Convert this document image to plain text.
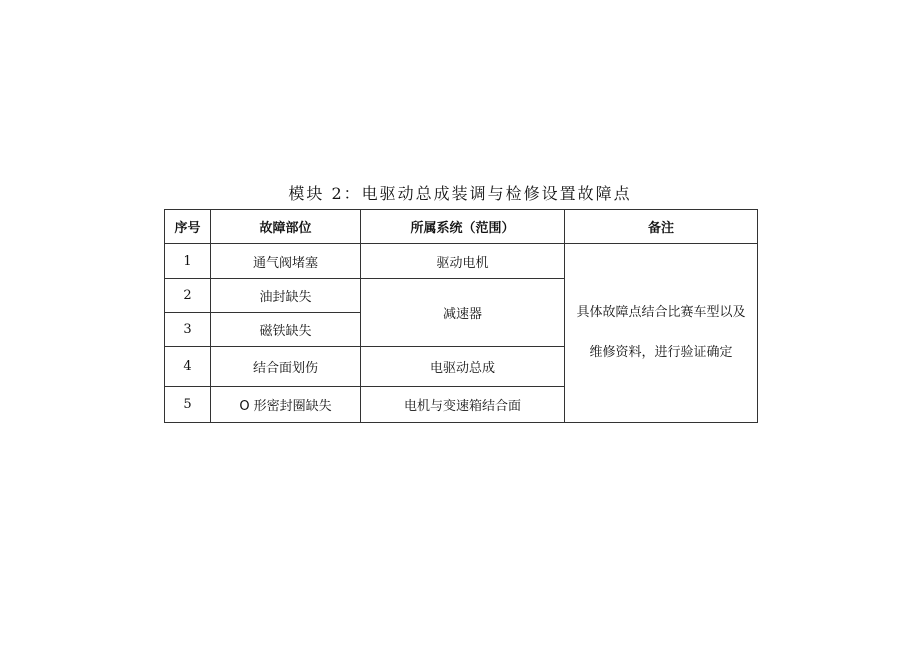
模块 2：电驱动总成装调与检修设置故障点
序号	故障部位	所属系统（范围）	备注
1	通气阀堵塞	驱动电机	具体故障点结合比赛车型以及
维修资料，进行验证确定

2	油封缺失	减速器	
3	磁铁缺失		
4	结合面划伤	电驱动总成	
5	O 形密封圈缺失	电机与变速箱结合面	
